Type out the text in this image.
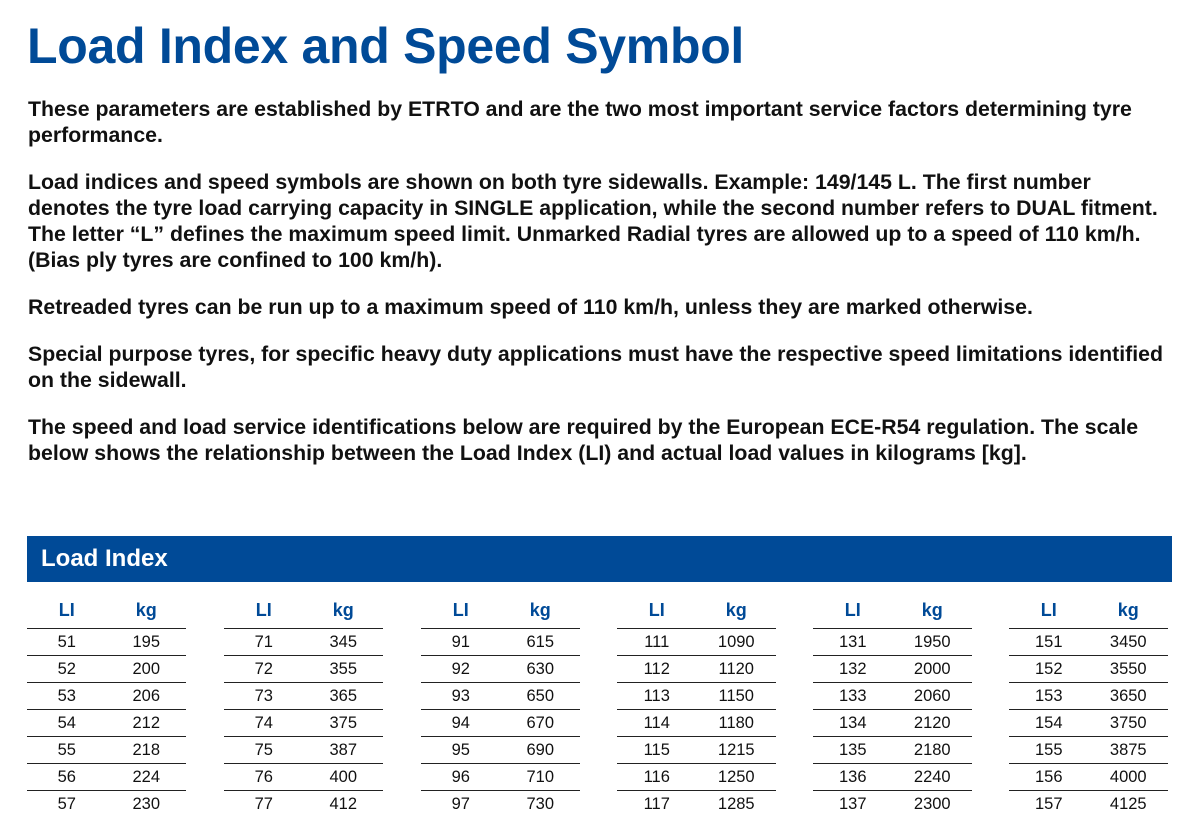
Load Index and Speed Symbol

These parameters are established by ETRTO and are the two most important service factors determining tyre performance.

Load indices and speed symbols are shown on both tyre sidewalls. Example: 149/145 L. The first number denotes the tyre load carrying capacity in SINGLE application, while the second number refers to DUAL fitment. The letter “L” defines the maximum speed limit. Unmarked Radial tyres are allowed up to a speed of 110 km/h. (Bias ply tyres are confined to 100 km/h).

Retreaded tyres can be run up to a maximum speed of 110 km/h, unless they are marked otherwise.

Special purpose tyres, for specific heavy duty applications must have the respective speed limitations identified on the sidewall.

The speed and load service identifications below are required by the European ECE-R54 regulation. The scale below shows the relationship between the Load Index (LI) and actual load values in kilograms [kg].

Load Index
LI	kg
51	195
52	200
53	206
54	212
55	218
56	224
57	230
LI	kg
71	345
72	355
73	365
74	375
75	387
76	400
77	412
LI	kg
91	615
92	630
93	650
94	670
95	690
96	710
97	730
LI	kg
111	1090
112	1120
113	1150
114	1180
115	1215
116	1250
117	1285
LI	kg
131	1950
132	2000
133	2060
134	2120
135	2180
136	2240
137	2300
LI	kg
151	3450
152	3550
153	3650
154	3750
155	3875
156	4000
157	4125
